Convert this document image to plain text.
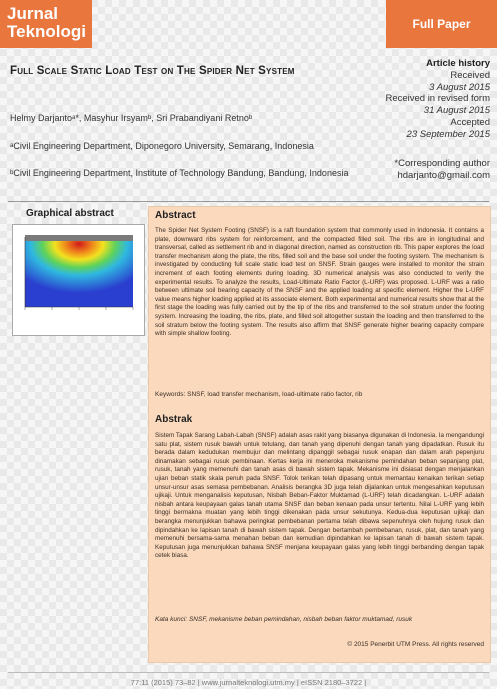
Jurnal
Teknologi	Full Paper
Full Scale Static Load Test on The Spider Net System
Helmy Darjantoᵃ*, Masyhur Irsyamᵇ, Sri Prabandiyani Retnoᵇ
ᵃCivil Engineering Department, Diponegoro University, Semarang, Indonesia
ᵇCivil Engineering Department, Institute of Technology Bandung, Bandung, Indonesia
Article history
Received
3 August 2015
Received in revised form
31 August 2015
Accepted
23 September 2015
*Corresponding author
hdarjanto@gmail.com
Graphical abstract	Abstract
The Spider Net System Footing (SNSF) is a raft foundation system that commonly used in Indonesia. It contains a plate, downward ribs system for reinforcement, and the compacted filled soil. The ribs are in longitudinal and transversal, called as settlement rib and in diagonal direction, named as construction rib. This paper explores the load transfer mechanism along the plate, the ribs, filled soil and the base soil under the footing system. The mechanism is investigated by conducting full scale static load test on SNSF. Strain gauges were installed to monitor the strain increment of each footing elements during loading. 3D numerical analysis was also conducted to verify the experimental results. To analyze the results, Load-Ultimate Ratio Factor (L-URF) was proposed. L-URF was a ratio between ultimate soil bearing capacity of the SNSF and the applied loading at specific element. Higher the L-URF value means higher loading applied at its associate element. Both experimental and numerical results show that at the first stage the loading was fully carried out by the tip of the ribs and transferred to the soil stratum under the footing system. Increasing the loading, the ribs, plate, and filled soil altogether sustain the loading and then transferred to the soil stratum below the footing system. The results also affirm that SNSF generate higher bearing capacity compare with simple shallow footing.
Keywords: SNSF, load transfer mechanism, load-ultimate ratio factor, rib
Abstrak
Sistem Tapak Sarang Labah-Labah (SNSF) adalah asas rakit yang biasanya digunakan di Indonesia. Ia mengandungi satu plat, sistem rusuk bawah untuk tetulang, dan tanah yang dipenuhi dengan tanah yang dipadatkan. Rusuk itu berada dalam kedudukan membujur dan melintang dipanggil sebagai rusuk enapan dan dalam arah pepenjuru dinamakan sebagai rusuk pembinaan. Kertas kerja ini meneroka mekanisme pemindahan beban sepanjang plat, rusuk, tanah yang memenuhi dan tanah asas di bawah sistem tapak. Mekanisme ini disiasat dengan menjalankan ujian beban statik skala penuh pada SNSF. Tolok terikan telah dipasang untuk memantau kenaikan terikan setiap unsur-unsur asas semasa pembebanan. Analisis berangka 3D juga telah dijalankan untuk mengesahkan keputusan ujikaji. Untuk menganalisis keputusan, Nisbah Beban-Faktor Muktamad (L-URF) telah dicadangkan. L-URF adalah nisbah antara keupayaan galas tanah utama SNSF dan beban kenaan pada unsur tertentu. Nilai L-URF yang lebih tinggi bermakna muatan yang lebih tinggi dikenakan pada unsur sekutunya. Kedua-dua keputusan ujikaji dan berangka menunjukkan bahawa peringkat pembebanan pertama telah dibawa sepenuhnya oleh hujung rusuk dan dipindahkan ke lapisan tanah di bawah sistem tapak. Dengan bertambah pembebanan, rusuk, plat, dan tanah yang memenuhi bersama-sama menahan beban dan kemudian dipindahkan ke lapisan tanah di bawah sistem tapak. Keputusan juga menunjukkan bahawa SNSF menjana keupayaan galas yang lebih tinggi berbanding dengan tapak cetek biasa.
Kata kunci: SNSF, mekanisme beban pemindahan, nisbah beban faktor muktamad, rusuk
© 2015 Penerbit UTM Press. All rights reserved
77:11 (2015) 73–82 | www.jurnalteknologi.utm.my | eISSN 2180–3722 |
